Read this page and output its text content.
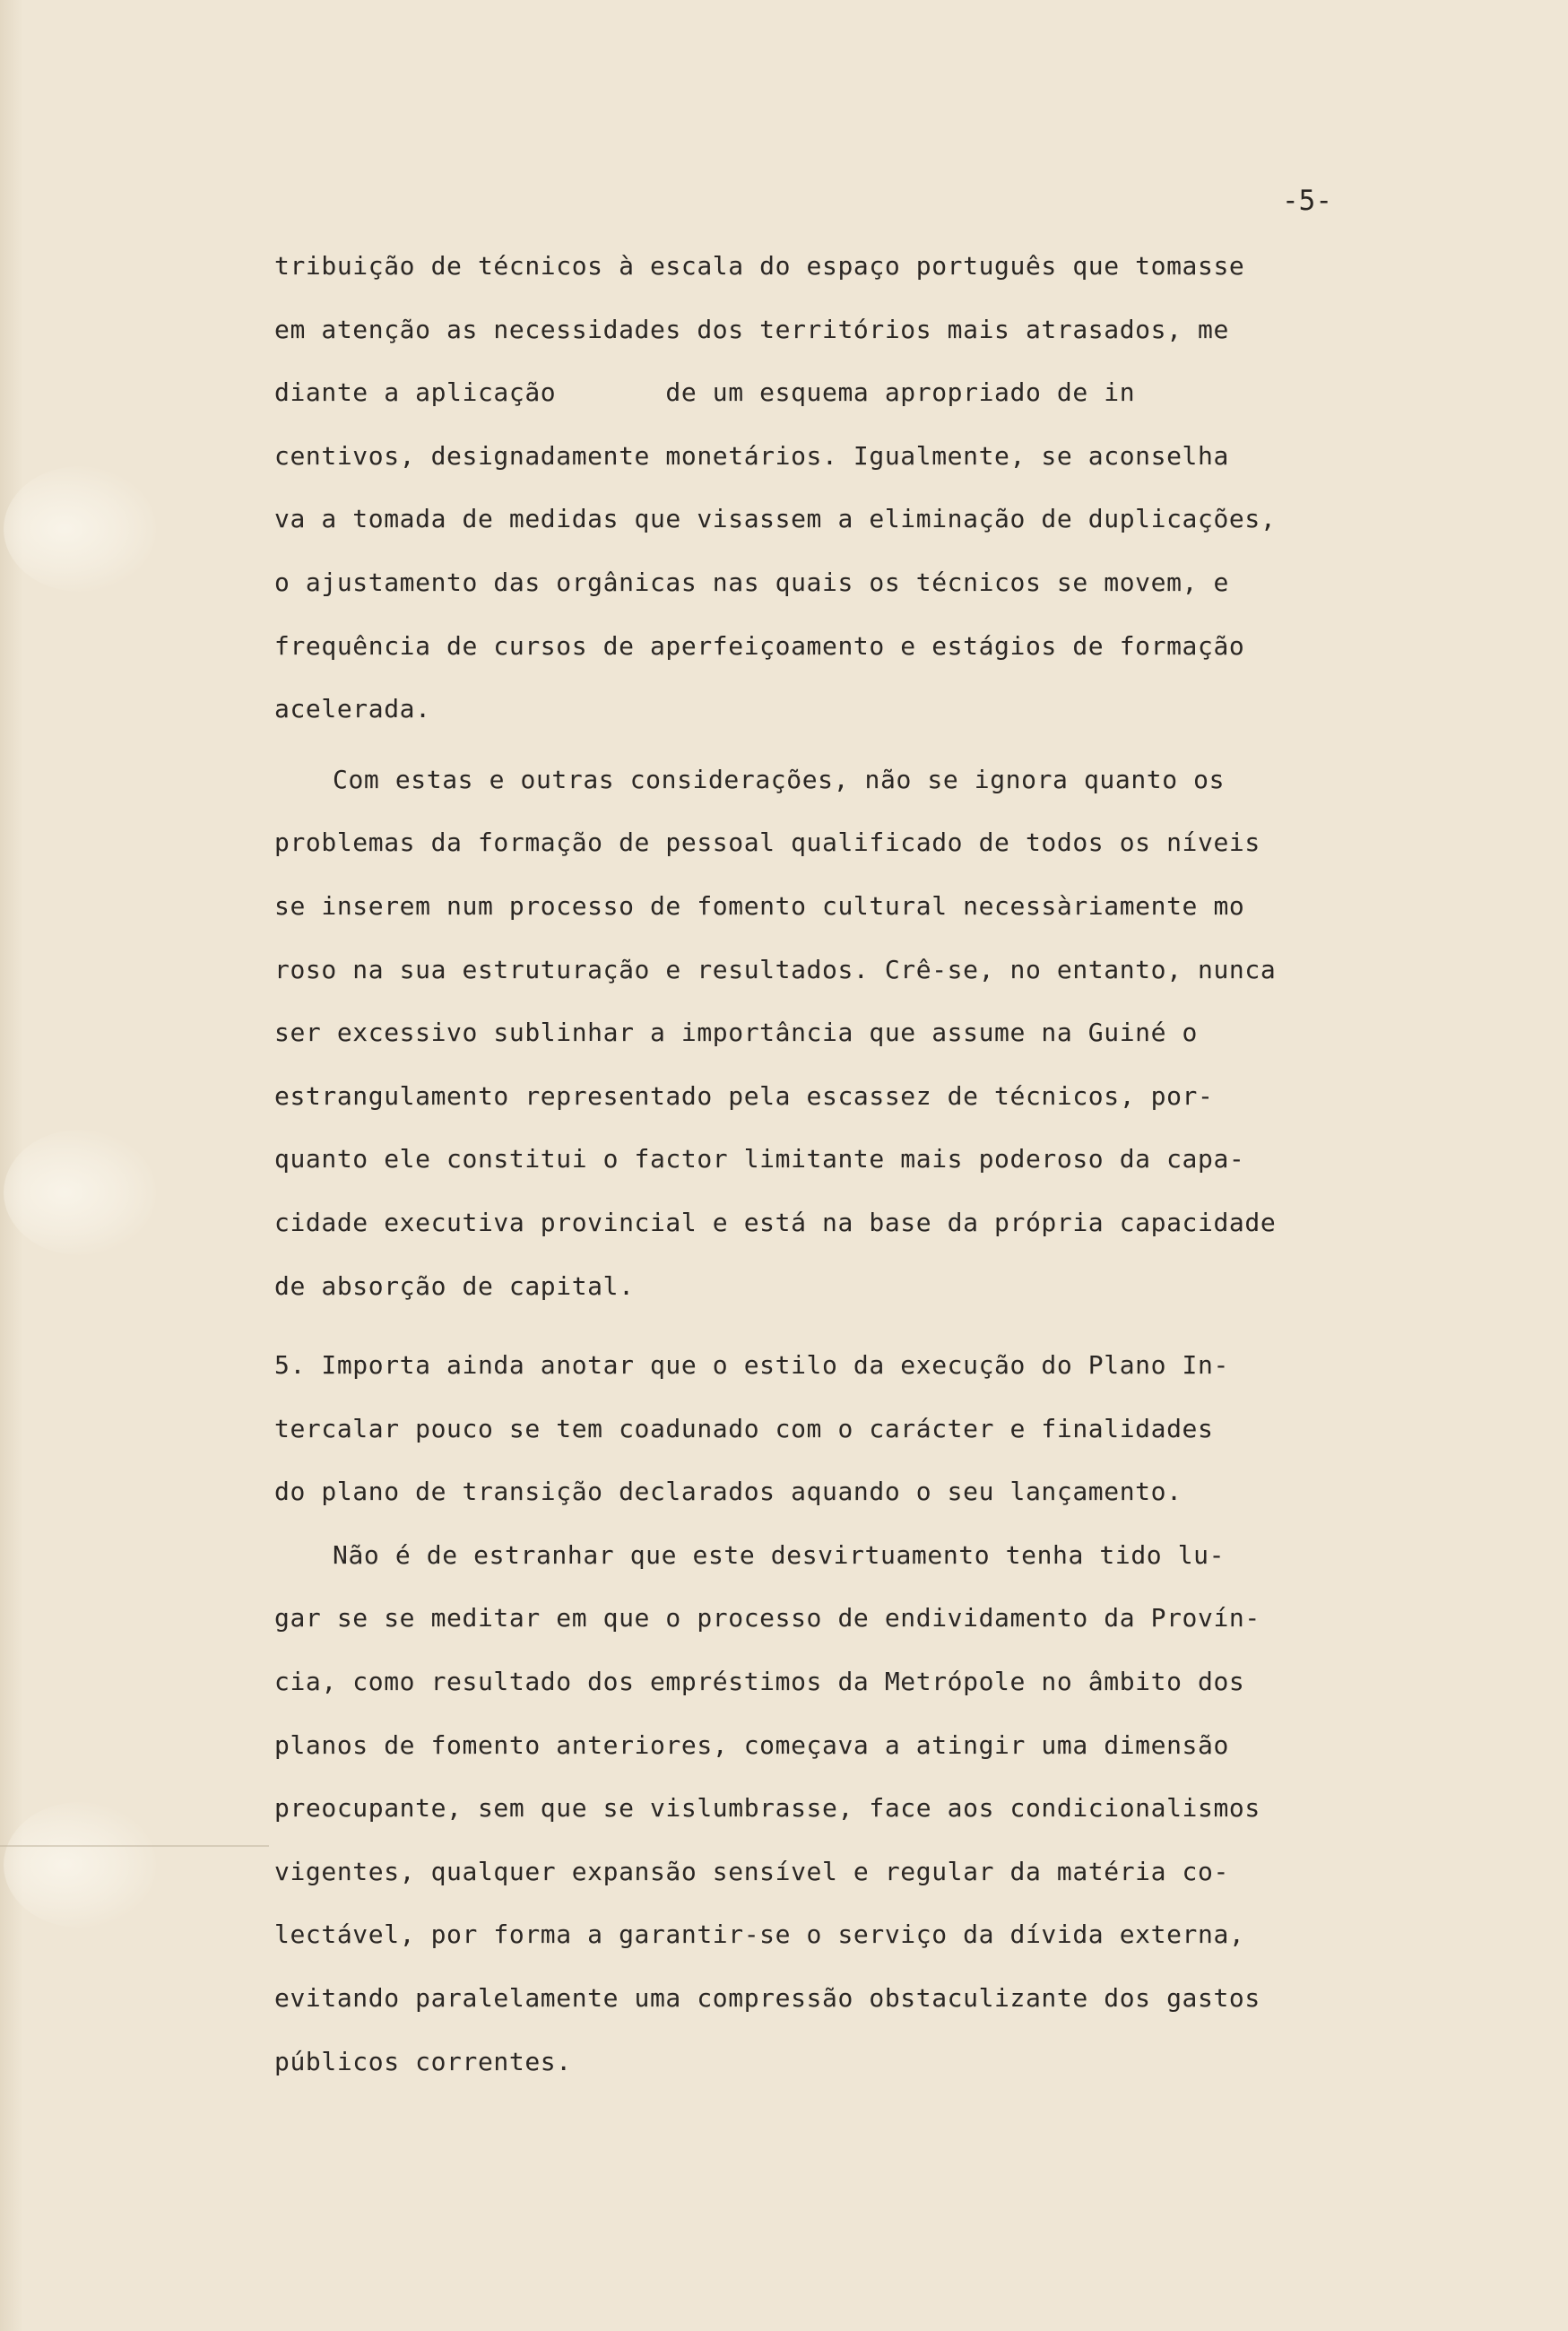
-5-

tribuição de técnicos à escala do espaço português que tomasse
em atenção as necessidades dos territórios mais atrasados, me
diante a aplicação       de um esquema apropriado de in
centivos, designadamente monetários. Igualmente, se aconselha
va a tomada de medidas que visassem a eliminação de duplicações,
o ajustamento das orgânicas nas quais os técnicos se movem, e
frequência de cursos de aperfeiçoamento e estágios de formação
acelerada.

Com estas e outras considerações, não se ignora quanto os
problemas da formação de pessoal qualificado de todos os níveis
se inserem num processo de fomento cultural necessàriamente mo
roso na sua estruturação e resultados. Crê-se, no entanto, nunca
ser excessivo sublinhar a importância que assume na Guiné o
estrangulamento representado pela escassez de técnicos, por-
quanto ele constitui o factor limitante mais poderoso da capa-
cidade executiva provincial e está na base da própria capacidade
de absorção de capital.

5. Importa ainda anotar que o estilo da execução do Plano In-
tercalar pouco se tem coadunado com o carácter e finalidades
do plano de transição declarados aquando o seu lançamento.

Não é de estranhar que este desvirtuamento tenha tido lu-
gar se se meditar em que o processo de endividamento da Provín-
cia, como resultado dos empréstimos da Metrópole no âmbito dos
planos de fomento anteriores, começava a atingir uma dimensão
preocupante, sem que se vislumbrasse, face aos condicionalismos
vigentes, qualquer expansão sensível e regular da matéria co-
lectável, por forma a garantir-se o serviço da dívida externa,
evitando paralelamente uma compressão obstaculizante dos gastos
públicos correntes.
